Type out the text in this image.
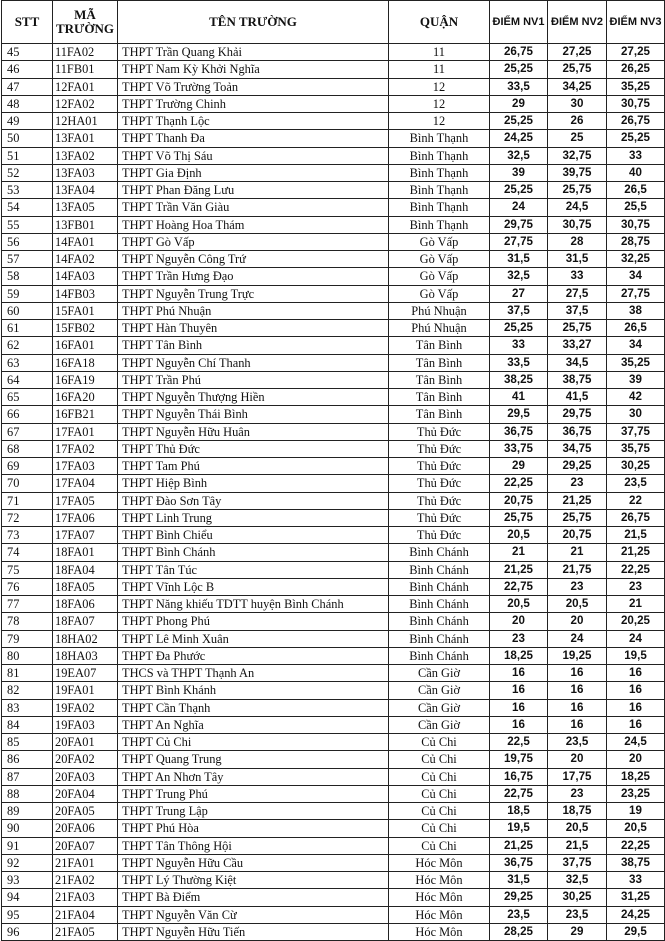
STT	MÃ TRƯỜNG	TÊN TRƯỜNG	QUẬN	ĐIỂM NV1	ĐIỂM NV2	ĐIỂM NV3
45	11FA02	THPT Trần Quang Khải	11	26,75	27,25	27,25
46	11FB01	THPT Nam Kỳ Khởi Nghĩa	11	25,25	25,75	26,25
47	12FA01	THPT Võ Trường Toản	12	33,5	34,25	35,25
48	12FA02	THPT Trường Chinh	12	29	30	30,75
49	12HA01	THPT Thạnh Lộc	12	25,25	26	26,75
50	13FA01	THPT Thanh Đa	Bình Thạnh	24,25	25	25,25
51	13FA02	THPT Võ Thị Sáu	Bình Thạnh	32,5	32,75	33
52	13FA03	THPT Gia Định	Bình Thạnh	39	39,75	40
53	13FA04	THPT Phan Đăng Lưu	Bình Thạnh	25,25	25,75	26,5
54	13FA05	THPT Trần Văn Giàu	Bình Thạnh	24	24,5	25,5
55	13FB01	THPT Hoàng Hoa Thám	Bình Thạnh	29,75	30,75	30,75
56	14FA01	THPT Gò Vấp	Gò Vấp	27,75	28	28,75
57	14FA02	THPT Nguyễn Công Trứ	Gò Vấp	31,5	31,5	32,25
58	14FA03	THPT Trần Hưng Đạo	Gò Vấp	32,5	33	34
59	14FB03	THPT Nguyễn Trung Trực	Gò Vấp	27	27,5	27,75
60	15FA01	THPT Phú Nhuận	Phú Nhuận	37,5	37,5	38
61	15FB02	THPT Hàn Thuyên	Phú Nhuận	25,25	25,75	26,5
62	16FA01	THPT Tân Bình	Tân Bình	33	33,27	34
63	16FA18	THPT Nguyễn Chí Thanh	Tân Bình	33,5	34,5	35,25
64	16FA19	THPT Trần Phú	Tân Bình	38,25	38,75	39
65	16FA20	THPT Nguyễn Thượng Hiền	Tân Bình	41	41,5	42
66	16FB21	THPT Nguyễn Thái Bình	Tân Bình	29,5	29,75	30
67	17FA01	THPT Nguyễn Hữu Huân	Thủ Đức	36,75	36,75	37,75
68	17FA02	THPT Thủ Đức	Thủ Đức	33,75	34,75	35,75
69	17FA03	THPT Tam Phú	Thủ Đức	29	29,25	30,25
70	17FA04	THPT Hiệp Bình	Thủ Đức	22,25	23	23,5
71	17FA05	THPT Đào Sơn Tây	Thủ Đức	20,75	21,25	22
72	17FA06	THPT Linh Trung	Thủ Đức	25,75	25,75	26,75
73	17FA07	THPT Bình Chiểu	Thủ Đức	20,5	20,75	21,5
74	18FA01	THPT Bình Chánh	Bình Chánh	21	21	21,25
75	18FA04	THPT Tân Túc	Bình Chánh	21,25	21,75	22,25
76	18FA05	THPT Vĩnh Lộc B	Bình Chánh	22,75	23	23
77	18FA06	THPT Năng khiếu TDTT huyện Bình Chánh	Bình Chánh	20,5	20,5	21
78	18FA07	THPT Phong Phú	Bình Chánh	20	20	20,25
79	18HA02	THPT Lê Minh Xuân	Bình Chánh	23	24	24
80	18HA03	THPT Đa Phước	Bình Chánh	18,25	19,25	19,5
81	19EA07	THCS và THPT Thạnh An	Cần Giờ	16	16	16
82	19FA01	THPT Bình Khánh	Cần Giờ	16	16	16
83	19FA02	THPT Cần Thạnh	Cần Giờ	16	16	16
84	19FA03	THPT An Nghĩa	Cần Giờ	16	16	16
85	20FA01	THPT Củ Chi	Củ Chi	22,5	23,5	24,5
86	20FA02	THPT Quang Trung	Củ Chi	19,75	20	20
87	20FA03	THPT An Nhơn Tây	Củ Chi	16,75	17,75	18,25
88	20FA04	THPT Trung Phú	Củ Chi	22,75	23	23,25
89	20FA05	THPT Trung Lập	Củ Chi	18,5	18,75	19
90	20FA06	THPT Phú Hòa	Củ Chi	19,5	20,5	20,5
91	20FA07	THPT Tân Thông Hội	Củ Chi	21,25	21,5	22,25
92	21FA01	THPT Nguyễn Hữu Cầu	Hóc Môn	36,75	37,75	38,75
93	21FA02	THPT Lý Thường Kiệt	Hóc Môn	31,5	32,5	33
94	21FA03	THPT Bà Điểm	Hóc Môn	29,25	30,25	31,25
95	21FA04	THPT Nguyễn Văn Cừ	Hóc Môn	23,5	23,5	24,25
96	21FA05	THPT Nguyễn Hữu Tiến	Hóc Môn	28,25	29	29,5
